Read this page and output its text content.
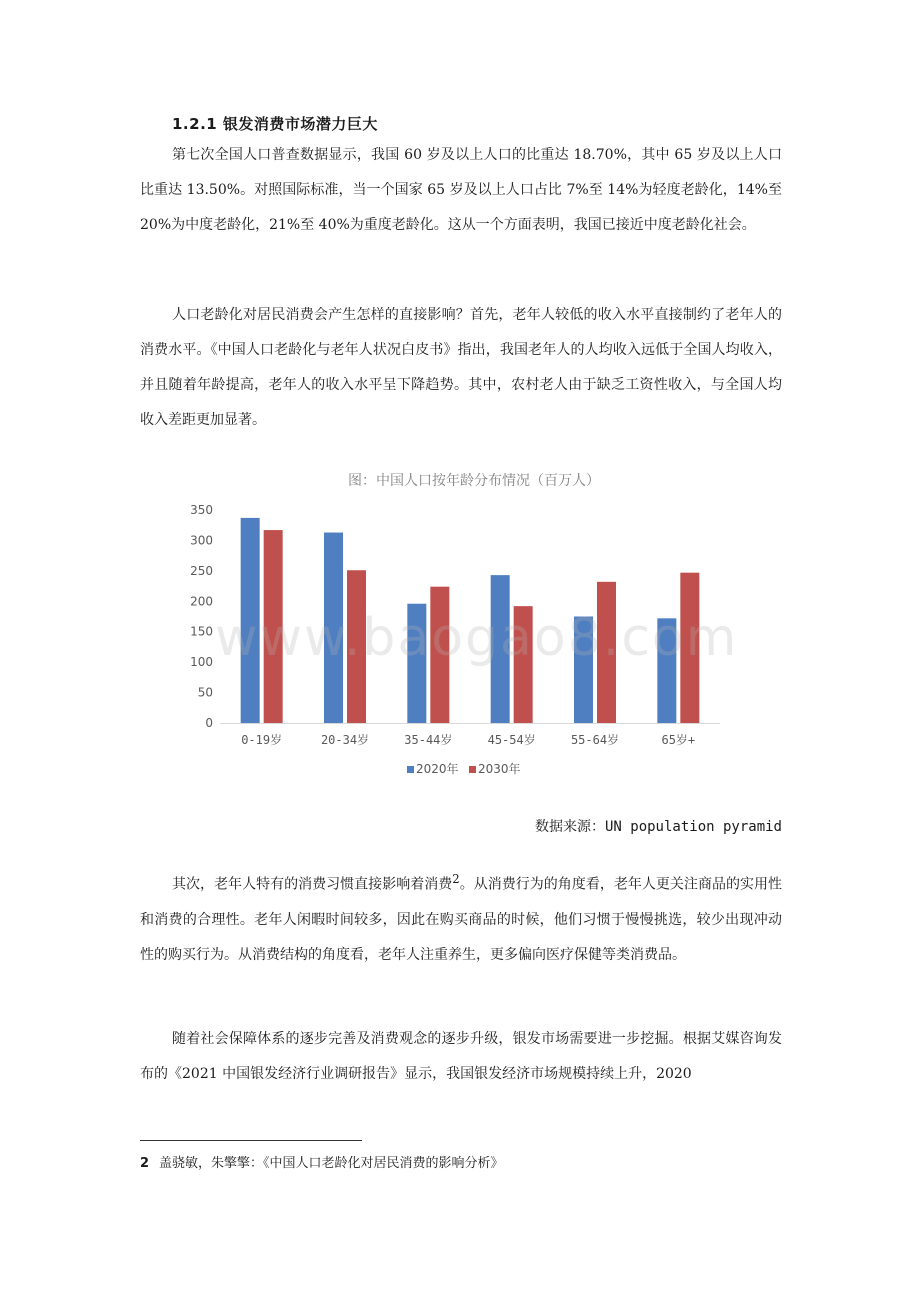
1.2.1 银发消费市场潜力巨大

第七次全国人口普查数据显示，我国 60 岁及以上人口的比重达 18.70%，其中 65 岁及以上人口比重达 13.50%。对照国际标准，当一个国家 65 岁及以上人口占比 7%至 14%为轻度老龄化，14%至 20%为中度老龄化，21%至 40%为重度老龄化。这从一个方面表明，我国已接近中度老龄化社会。

人口老龄化对居民消费会产生怎样的直接影响？首先，老年人较低的收入水平直接制约了老年人的消费水平。《中国人口老龄化与老年人状况白皮书》指出，我国老年人的人均收入远低于全国人均收入，并且随着年龄提高，老年人的收入水平呈下降趋势。其中，农村老人由于缺乏工资性收入，与全国人均收入差距更加显著。

图：中国人口按年龄分布情况（百万人）
0
50
100
150
200
250
300
350
0-19岁	20-34岁	35-44岁	45-54岁	55-64岁	65岁+
2020年 2030年
www.baogao8.com
数据来源：UN population pyramid

其次，老年人特有的消费习惯直接影响着消费$^2$。从消费行为的角度看，老年人更关注商品的实用性和消费的合理性。老年人闲暇时间较多，因此在购买商品的时候，他们习惯于慢慢挑选，较少出现冲动性的购买行为。从消费结构的角度看，老年人注重养生，更多偏向医疗保健等类消费品。

随着社会保障体系的逐步完善及消费观念的逐步升级，银发市场需要进一步挖掘。根据艾媒咨询发布的《2021 中国银发经济行业调研报告》显示，我国银发经济市场规模持续上升，2020

2 盖骁敏，朱擎擎：《中国人口老龄化对居民消费的影响分析》
